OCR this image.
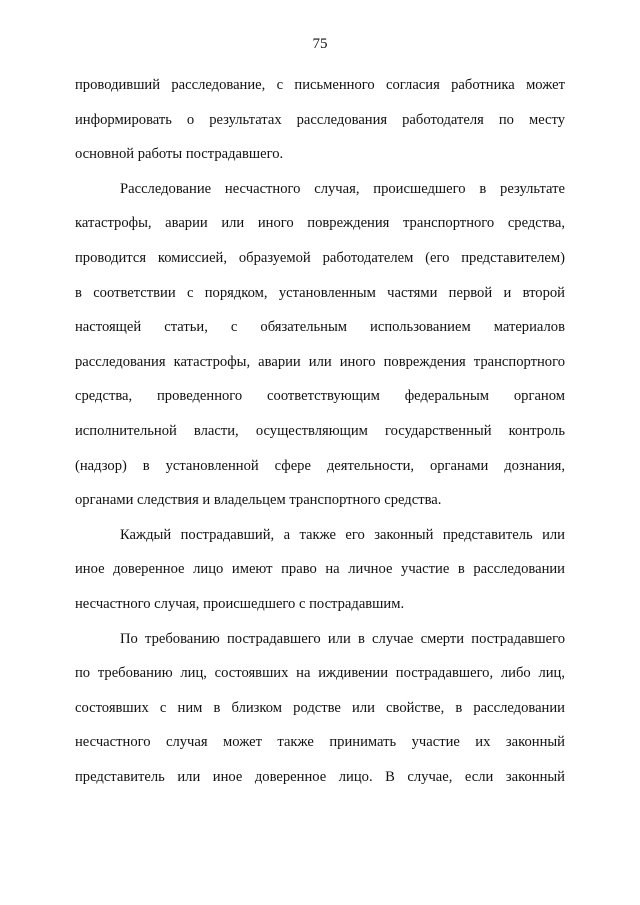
75

проводивший расследование, с письменного согласия работника может
информировать о результатах расследования работодателя по месту
основной работы пострадавшего.

Расследование несчастного случая, происшедшего в результате
катастрофы, аварии или иного повреждения транспортного средства,
проводится комиссией, образуемой работодателем (его представителем)
в соответствии с порядком, установленным частями первой и второй
настоящей статьи, с обязательным использованием материалов
расследования катастрофы, аварии или иного повреждения транспортного
средства, проведенного соответствующим федеральным органом
исполнительной власти, осуществляющим государственный контроль
(надзор) в установленной сфере деятельности, органами дознания,
органами следствия и владельцем транспортного средства.

Каждый пострадавший, а также его законный представитель или
иное доверенное лицо имеют право на личное участие в расследовании
несчастного случая, происшедшего с пострадавшим.

По требованию пострадавшего или в случае смерти пострадавшего
по требованию лиц, состоявших на иждивении пострадавшего, либо лиц,
состоявших с ним в близком родстве или свойстве, в расследовании
несчастного случая может также принимать участие их законный
представитель или иное доверенное лицо. В случае, если законный
